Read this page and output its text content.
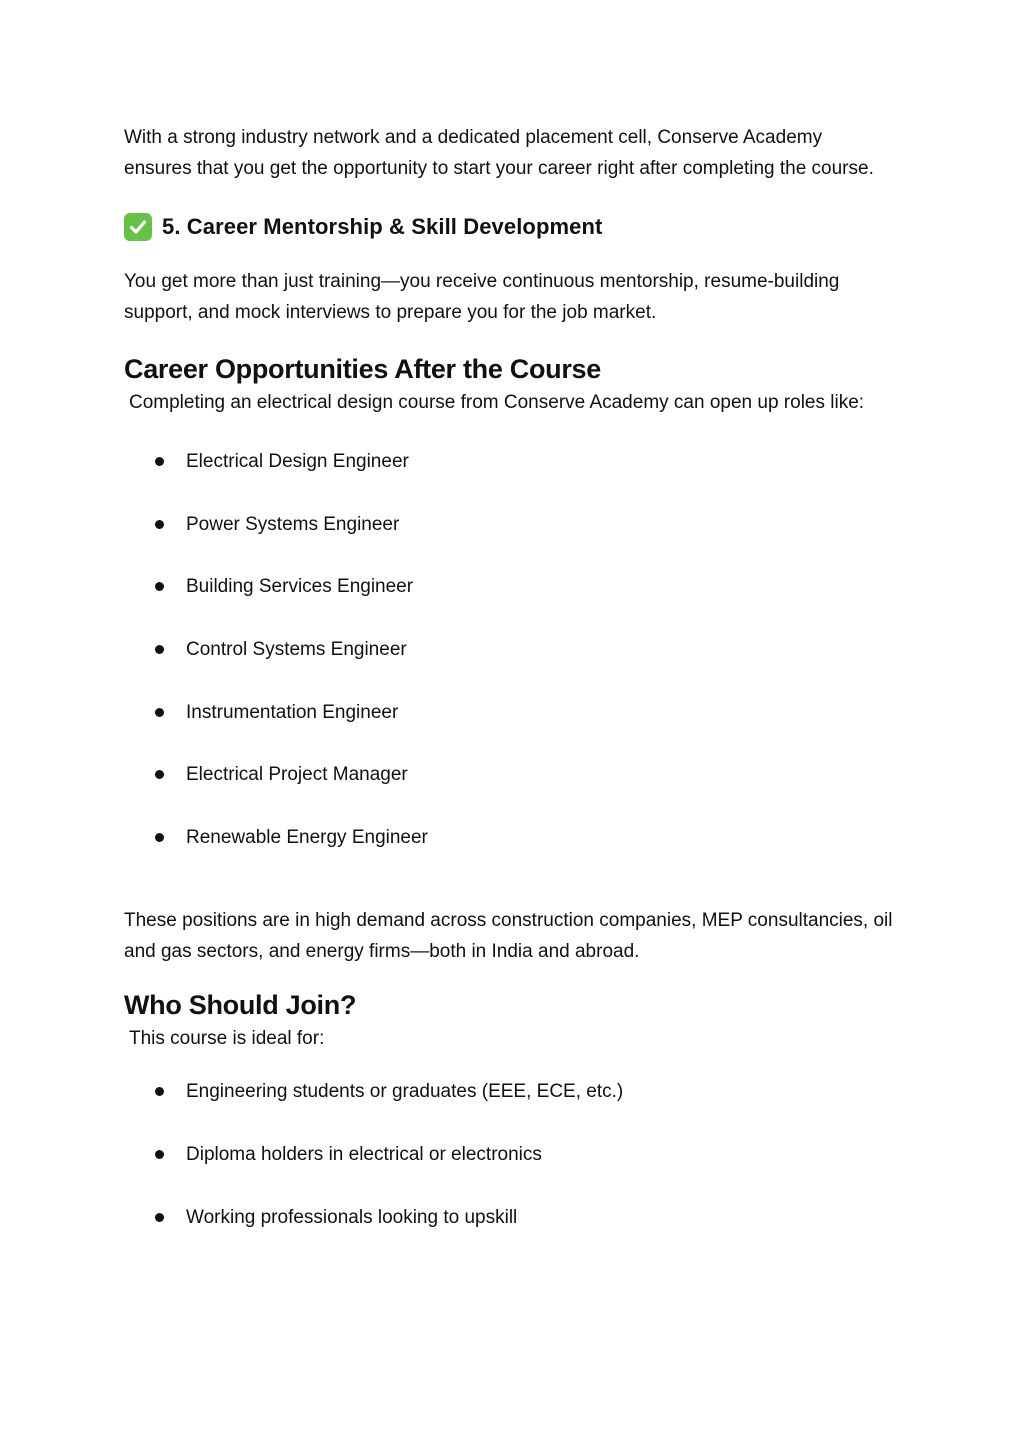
With a strong industry network and a dedicated placement cell, Conserve Academy ensures that you get the opportunity to start your career right after completing the course.

5. Career Mentorship & Skill Development

You get more than just training—you receive continuous mentorship, resume-building support, and mock interviews to prepare you for the job market.

Career Opportunities After the Course

Completing an electrical design course from Conserve Academy can open up roles like:

Electrical Design Engineer
Power Systems Engineer
Building Services Engineer
Control Systems Engineer
Instrumentation Engineer
Electrical Project Manager
Renewable Energy Engineer

These positions are in high demand across construction companies, MEP consultancies, oil and gas sectors, and energy firms—both in India and abroad.

Who Should Join?

This course is ideal for:

Engineering students or graduates (EEE, ECE, etc.)
Diploma holders in electrical or electronics
Working professionals looking to upskill
